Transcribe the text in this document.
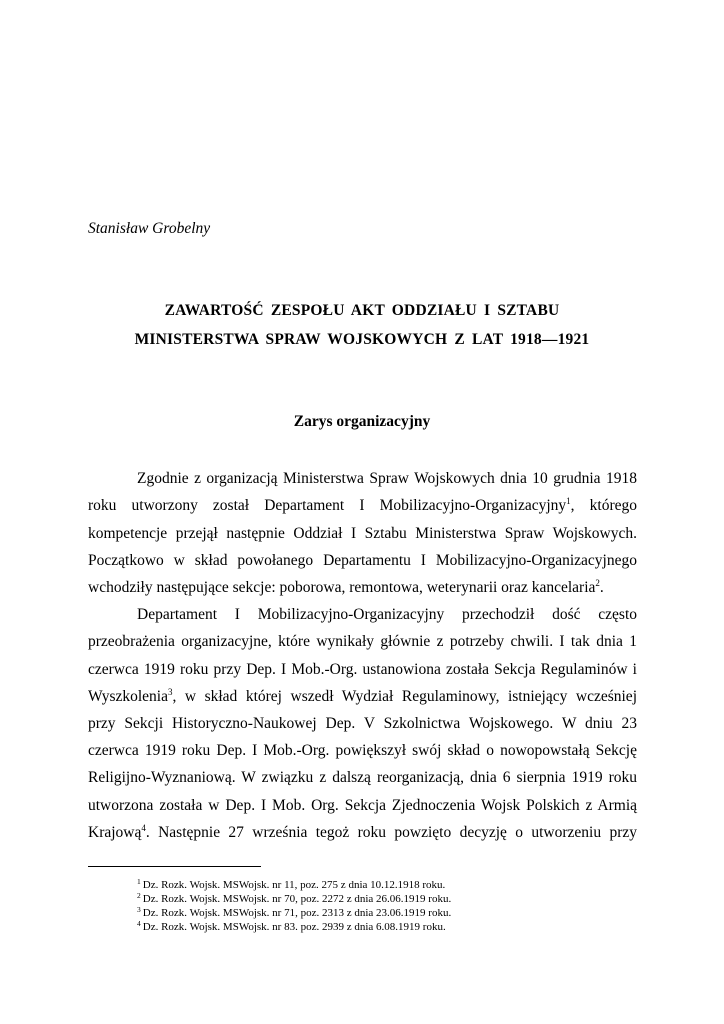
Stanisław Grobelny
ZAWARTOŚĆ ZESPOŁU AKT ODDZIAŁU I SZTABU
MINISTERSTWA SPRAW WOJSKOWYCH Z LAT 1918—1921
Zarys organizacyjny
Zgodnie z organizacją Ministerstwa Spraw Wojskowych dnia 10 grudnia 1918
roku utworzony został Departament I Mobilizacyjno-Organizacyjny$^1$, którego
kompetencje przejął następnie Oddział I Sztabu Ministerstwa Spraw Wojskowych.
Początkowo w skład powołanego Departamentu I Mobilizacyjno-Organizacyjnego
wchodziły następujące sekcje: poborowa, remontowa, weterynarii oraz kancelaria$^2$.
Departament I Mobilizacyjno-Organizacyjny przechodził dość często
przeobrażenia organizacyjne, które wynikały głównie z potrzeby chwili. I tak dnia 1
czerwca 1919 roku przy Dep. I Mob.-Org. ustanowiona została Sekcja Regulaminów i
Wyszkolenia$^3$, w skład której wszedł Wydział Regulaminowy, istniejący wcześniej
przy Sekcji Historyczno-Naukowej Dep. V Szkolnictwa Wojskowego. W dniu 23
czerwca 1919 roku Dep. I Mob.-Org. powiększył swój skład o nowopowstałą Sekcję
Religijno-Wyznaniową. W związku z dalszą reorganizacją, dnia 6 sierpnia 1919 roku
utworzona została w Dep. I Mob. Org. Sekcja Zjednoczenia Wojsk Polskich z Armią
Krajową$^4$. Następnie 27 września tegoż roku powzięto decyzję o utworzeniu przy
$^1$ Dz. Rozk. Wojsk. MSWojsk. nr 11, poz. 275 z dnia 10.12.1918 roku.
$^2$ Dz. Rozk. Wojsk. MSWojsk. nr 70, poz. 2272 z dnia 26.06.1919 roku.
$^3$ Dz. Rozk. Wojsk. MSWojsk. nr 71, poz. 2313 z dnia 23.06.1919 roku.
$^4$ Dz. Rozk. Wojsk. MSWojsk. nr 83. poz. 2939 z dnia 6.08.1919 roku.
